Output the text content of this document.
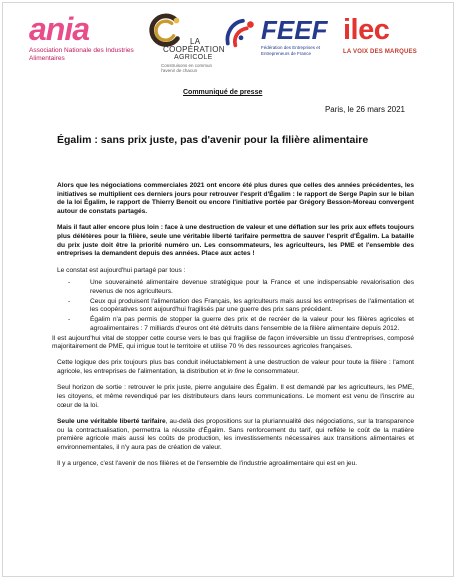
ania
Association Nationale des Industries Alimentaires
LA
COOPÉRATION
AGRICOLE
Construisons en commun l'avenir de chacun
FEEF
Fédération des Entreprises et Entrepreneurs de France
ilec
LA VOIX DES MARQUES
Communiqué de presse
Paris, le 26 mars 2021
Égalim : sans prix juste, pas d'avenir pour la filière alimentaire

Alors que les négociations commerciales 2021 ont encore été plus dures que celles des années précédentes, les initiatives se multiplient ces derniers jours pour retrouver l'esprit d'Égalim : le rapport de Serge Papin sur le bilan de la loi Égalim, le rapport de Thierry Benoit ou encore l'initiative portée par Grégory Besson-Moreau convergent autour de constats partagés.

Mais il faut aller encore plus loin : face à une destruction de valeur et une déflation sur les prix aux effets toujours plus délétères pour la filière, seule une véritable liberté tarifaire permettra de sauver l'esprit d'Égalim. La bataille du prix juste doit être la priorité numéro un. Les consommateurs, les agriculteurs, les PME et l'ensemble des entreprises la demandent depuis des années. Place aux actes !

Le constat est aujourd'hui partagé par tous :

- Une souveraineté alimentaire devenue stratégique pour la France et une indispensable revalorisation des revenus de nos agriculteurs.
- Ceux qui produisent l'alimentation des Français, les agriculteurs mais aussi les entreprises de l'alimentation et les coopératives sont aujourd'hui fragilisés par une guerre des prix sans précédent.
- Égalim n'a pas permis de stopper la guerre des prix et de recréer de la valeur pour les filières agricoles et agroalimentaires : 7 milliards d'euros ont été détruits dans l'ensemble de la filière alimentaire depuis 2012.

Il est aujourd'hui vital de stopper cette course vers le bas qui fragilise de façon irréversible un tissu d'entreprises, composé majoritairement de PME, qui irrigue tout le territoire et utilise 70 % des ressources agricoles françaises.

Cette logique des prix toujours plus bas conduit inéluctablement à une destruction de valeur pour toute la filière : l'amont agricole, les entreprises de l'alimentation, la distribution et in fine le consommateur.

Seul horizon de sortie : retrouver le prix juste, pierre angulaire des Égalim. Il est demandé par les agriculteurs, les PME, les citoyens, et même revendiqué par les distributeurs dans leurs communications. Le moment est venu de l'inscrire au cœur de la loi.

Seule une véritable liberté tarifaire, au-delà des propositions sur la pluriannualité des négociations, sur la transparence ou la contractualisation, permettra la réussite d'Égalim. Sans renforcement du tarif, qui reflète le coût de la matière première agricole mais aussi les coûts de production, les investissements nécessaires aux transitions alimentaires et environnementales, il n'y aura pas de création de valeur.

Il y a urgence, c'est l'avenir de nos filières et de l'ensemble de l'industrie agroalimentaire qui est en jeu.
